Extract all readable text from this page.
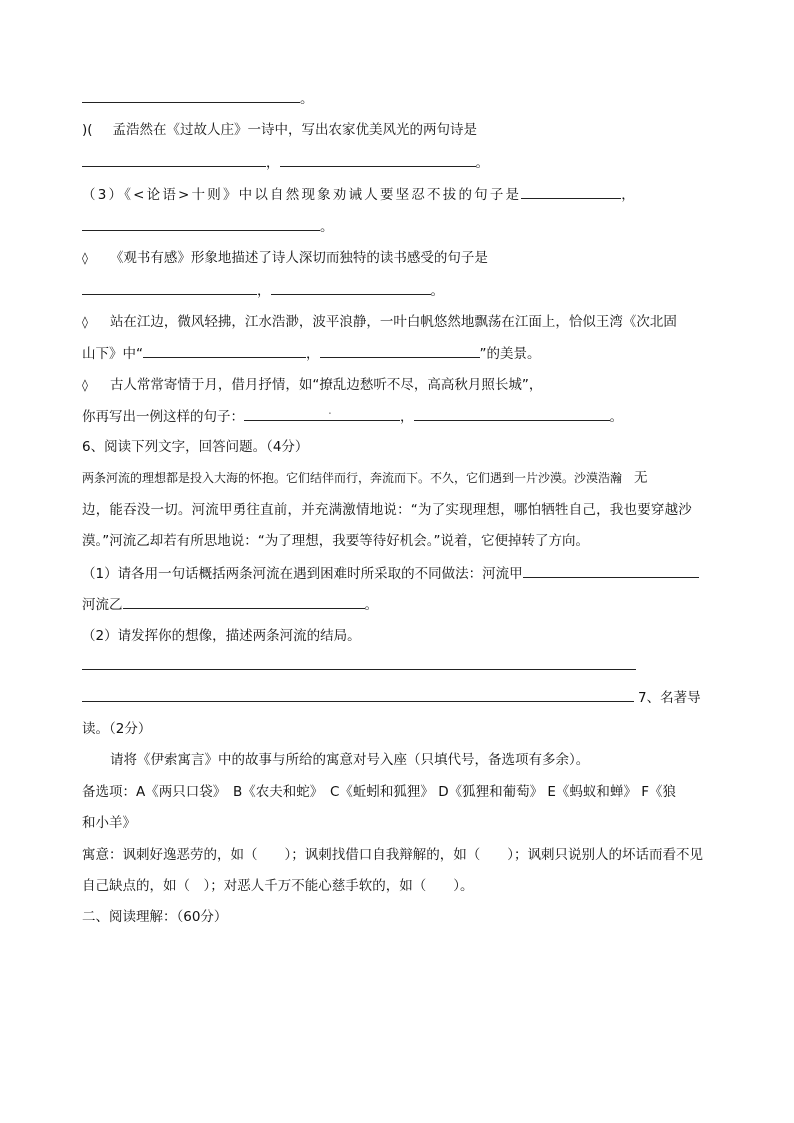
。
)( 孟浩然在《过故人庄》一诗中，写出农家优美风光的两句诗是
，	。
（3）《<论语>十则》中以自然现象劝诫人要坚忍不拔的句子是	，
。
◊ 《观书有感》形象地描述了诗人深切而独特的读书感受的句子是
，	。
◊ 站在江边，微风轻拂，江水浩渺，波平浪静，一叶白帆悠然地飘荡在江面上，恰似王湾《次北固
山下》中“	，	”的美景。
◊ 古人常常寄情于月，借月抒情，如“撩乱边愁听不尽，高高秋月照长城”，
你再写出一例这样的句子：	.	，	。
6、阅读下列文字，回答问题。（4分）
两条河流的理想都是投入大海的怀抱。它们结伴而行，奔流而下。不久，它们遇到一片沙漠。沙漠浩瀚 无
边，能吞没一切。河流甲勇往直前，并充满激情地说：“为了实现理想，哪怕牺牲自己，我也要穿越沙
漠。”河流乙却若有所思地说：“为了理想，我要等待好机会。”说着，它便掉转了方向。
（1）请各用一句话概括两条河流在遇到困难时所采取的不同做法：河流甲
河流乙	。
（2）请发挥你的想像，描述两条河流的结局。
7、名著导
读。（2分）
请将《伊索寓言》中的故事与所给的寓意对号入座（只填代号，备选项有多余）。
备选项：A《两只口袋》　B《农夫和蛇》　C《蚯蚓和狐狸》 D《狐狸和葡萄》 E《蚂蚁和蝉》 F《狼
和小羊》
寓意：讽刺好逸恶劳的，如（　　）；讽刺找借口自我辩解的，如（　　）；讽刺只说别人的坏话而看不见
自己缺点的，如（　）；对恶人千万不能心慈手软的，如（　　）。
二、阅读理解：（60分）
